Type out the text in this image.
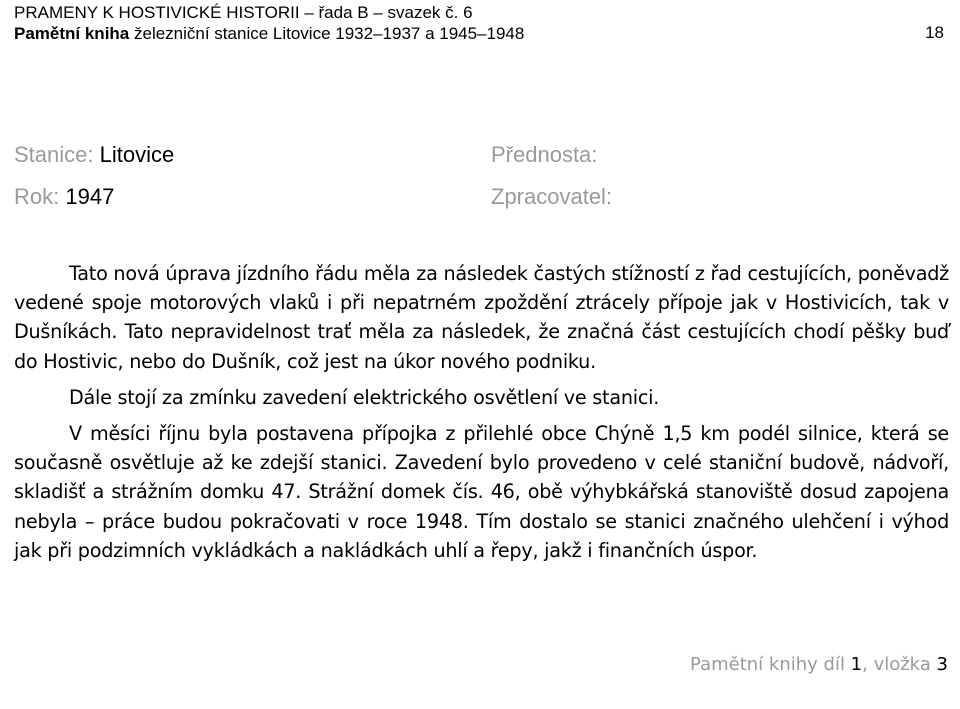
PRAMENY K HOSTIVICKÉ HISTORII – řada B – svazek č. 6
Pamětní kniha železniční stanice Litovice 1932–1937 a 1945–1948	18
Stanice: Litovice
Rok: 1947
Přednosta:
Zpracovatel:

Tato nová úprava jízdního řádu měla za následek častých stížností z řad cestujících, poněvadž vedené spoje motorových vlaků i při nepatrném zpoždění ztrácely přípoje jak v Hostivicích, tak v Dušníkách. Tato nepravidelnost trať měla za následek, že značná část cestujících chodí pěšky buď do Hostivic, nebo do Dušník, což jest na úkor nového podniku.

Dále stojí za zmínku zavedení elektrického osvětlení ve stanici.

V měsíci říjnu byla postavena přípojka z přilehlé obce Chýně 1,5 km podél silnice, která se současně osvětluje až ke zdejší stanici. Zavedení bylo provedeno v celé staniční budově, nádvoří, skladišť a strážním domku 47. Strážní domek čís. 46, obě výhybkářská stanoviště dosud zapojena nebyla – práce budou pokračovati v roce 1948. Tím dostalo se stanici značného ulehčení i výhod jak při podzimních vykládkách a nakládkách uhlí a řepy, jakž i finančních úspor.

Pamětní knihy díl 1, vložka 3
